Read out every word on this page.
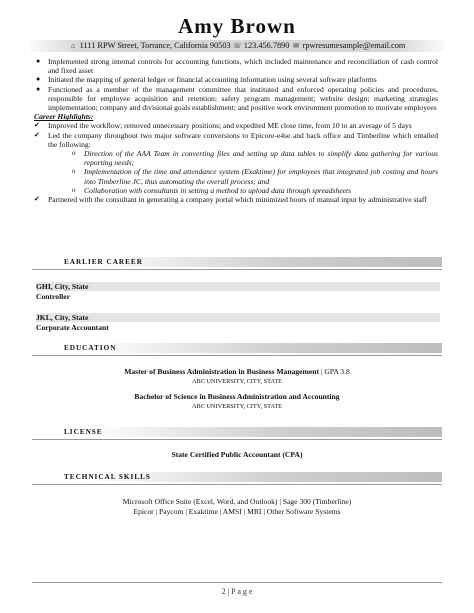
Amy Brown
⌂ 1111 RPW Street, Torrance, California 90503 ☏ 123.456.7890 ✉ rpwresumesample@email.com
● Implemented strong internal controls for accounting functions, which included maintenance and reconciliation of cash control and fixed asset
● Initiated the mapping of general ledger or financial accounting information using several software platforms
● Functioned as a member of the management committee that instituted and enforced operating policies and procedures, responsible for employee acquisition and retention; safety program management; website design; marketing strategies implementation; company and divisional goals establishment; and positive work environment promotion to motivate employees
Career Highlights:
✔ Improved the workflow; removed unnecessary positions; and expedited ME close time, from 10 to an average of 5 days
✔ Led the company throughout two major software conversions to Epicore-e4se and back office and Timberline which entailed the following:
o Direction of the AAA Team in converting files and setting up data tables to simplify data gathering for various reporting needs;
o Implementation of the time and attendance system (Exaktime) for employees that integrated job costing and hours into Timberline JC, thus automating the overall process; and
o Collaboration with consultants in setting a method to upload data through spreadsheets
✔ Partnered with the consultant in generating a company portal which minimized hours of manual input by administrative staff
EARLIER CAREER
GHI, City, State
Controller
JKL, City, State
Corporate Accountant
EDUCATION
Master of Business Administration in Business Management | GPA 3.8
ABC UNIVERSITY, CITY, STATE
Bachelor of Science in Business Administration and Accounting
ABC UNIVERSITY, CITY, STATE
LICENSE
State Certified Public Accountant (CPA)
TECHNICAL SKILLS
Microsoft Office Suite (Excel, Word, and Outlook) | Sage 300 (Timberline)
Epicor | Paycom | Exaktime | AMSI | MRI | Other Software Systems
2 | P a g e
